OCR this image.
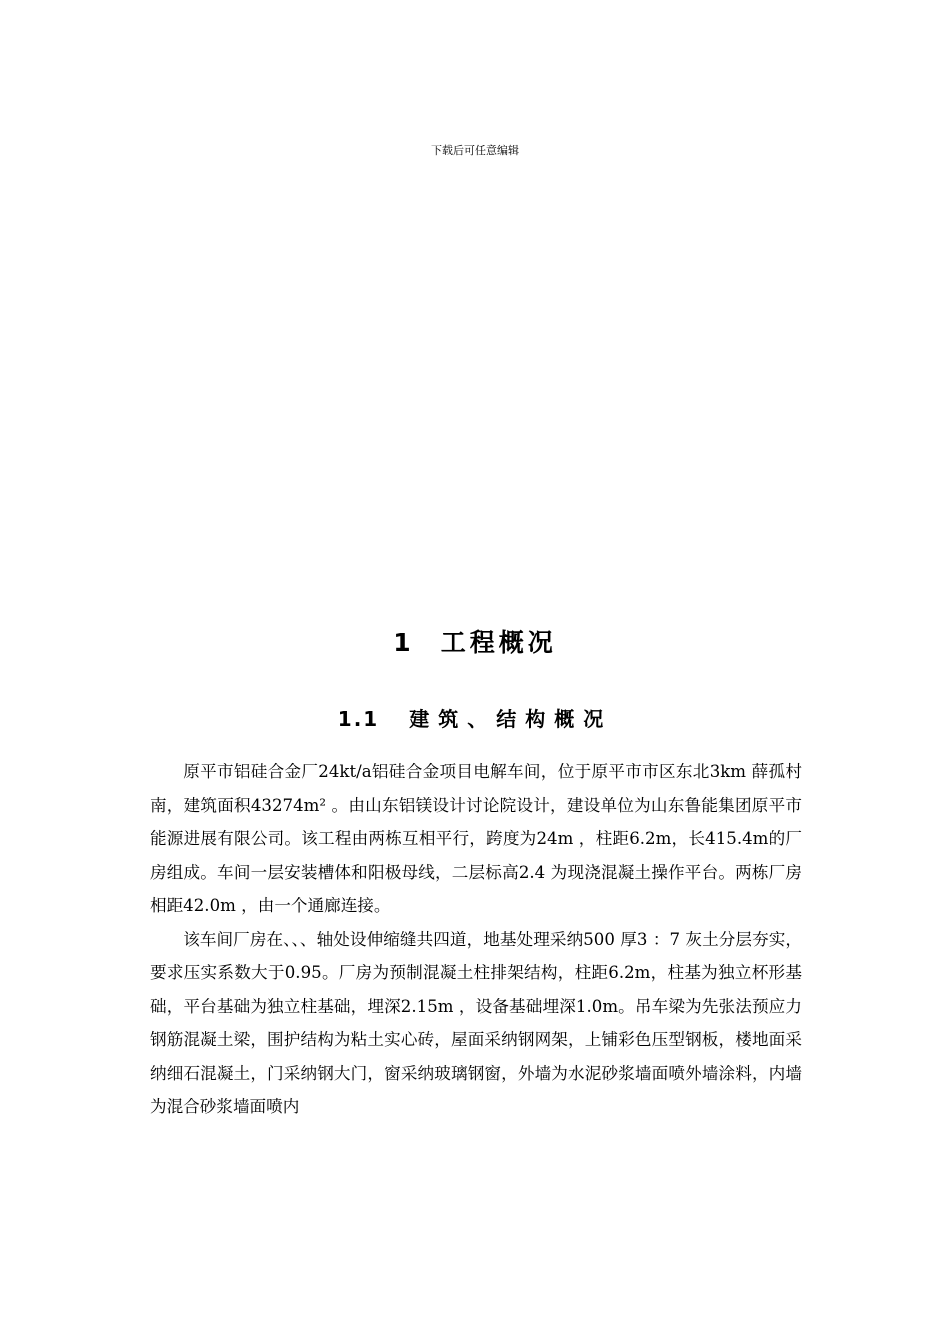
下载后可任意编辑
1 工程概况
1.1 建筑、结构概况

原平市铝硅合金厂24kt/a铝硅合金项目电解车间，位于原平市市区东北3km 薛孤村南，建筑面积43274m² 。由山东铝镁设计讨论院设计，建设单位为山东鲁能集团原平市能源进展有限公司。该工程由两栋互相平行，跨度为24m ，柱距6.2m，长415.4m的厂房组成。车间一层安装槽体和阳极母线，二层标高2.4 为现浇混凝土操作平台。两栋厂房相距42.0m ，由一个通廊连接。

该车间厂房在、、、轴处设伸缩缝共四道，地基处理采纳500 厚3 ：7 灰土分层夯实，要求压实系数大于0.95。厂房为预制混凝土柱排架结构，柱距6.2m，柱基为独立杯形基础，平台基础为独立柱基础，埋深2.15m ，设备基础埋深1.0m。吊车梁为先张法预应力钢筋混凝土梁，围护结构为粘土实心砖，屋面采纳钢网架，上铺彩色压型钢板，楼地面采纳细石混凝土，门采纳钢大门，窗采纳玻璃钢窗，外墙为水泥砂浆墙面喷外墙涂料，内墙为混合砂浆墙面喷内
